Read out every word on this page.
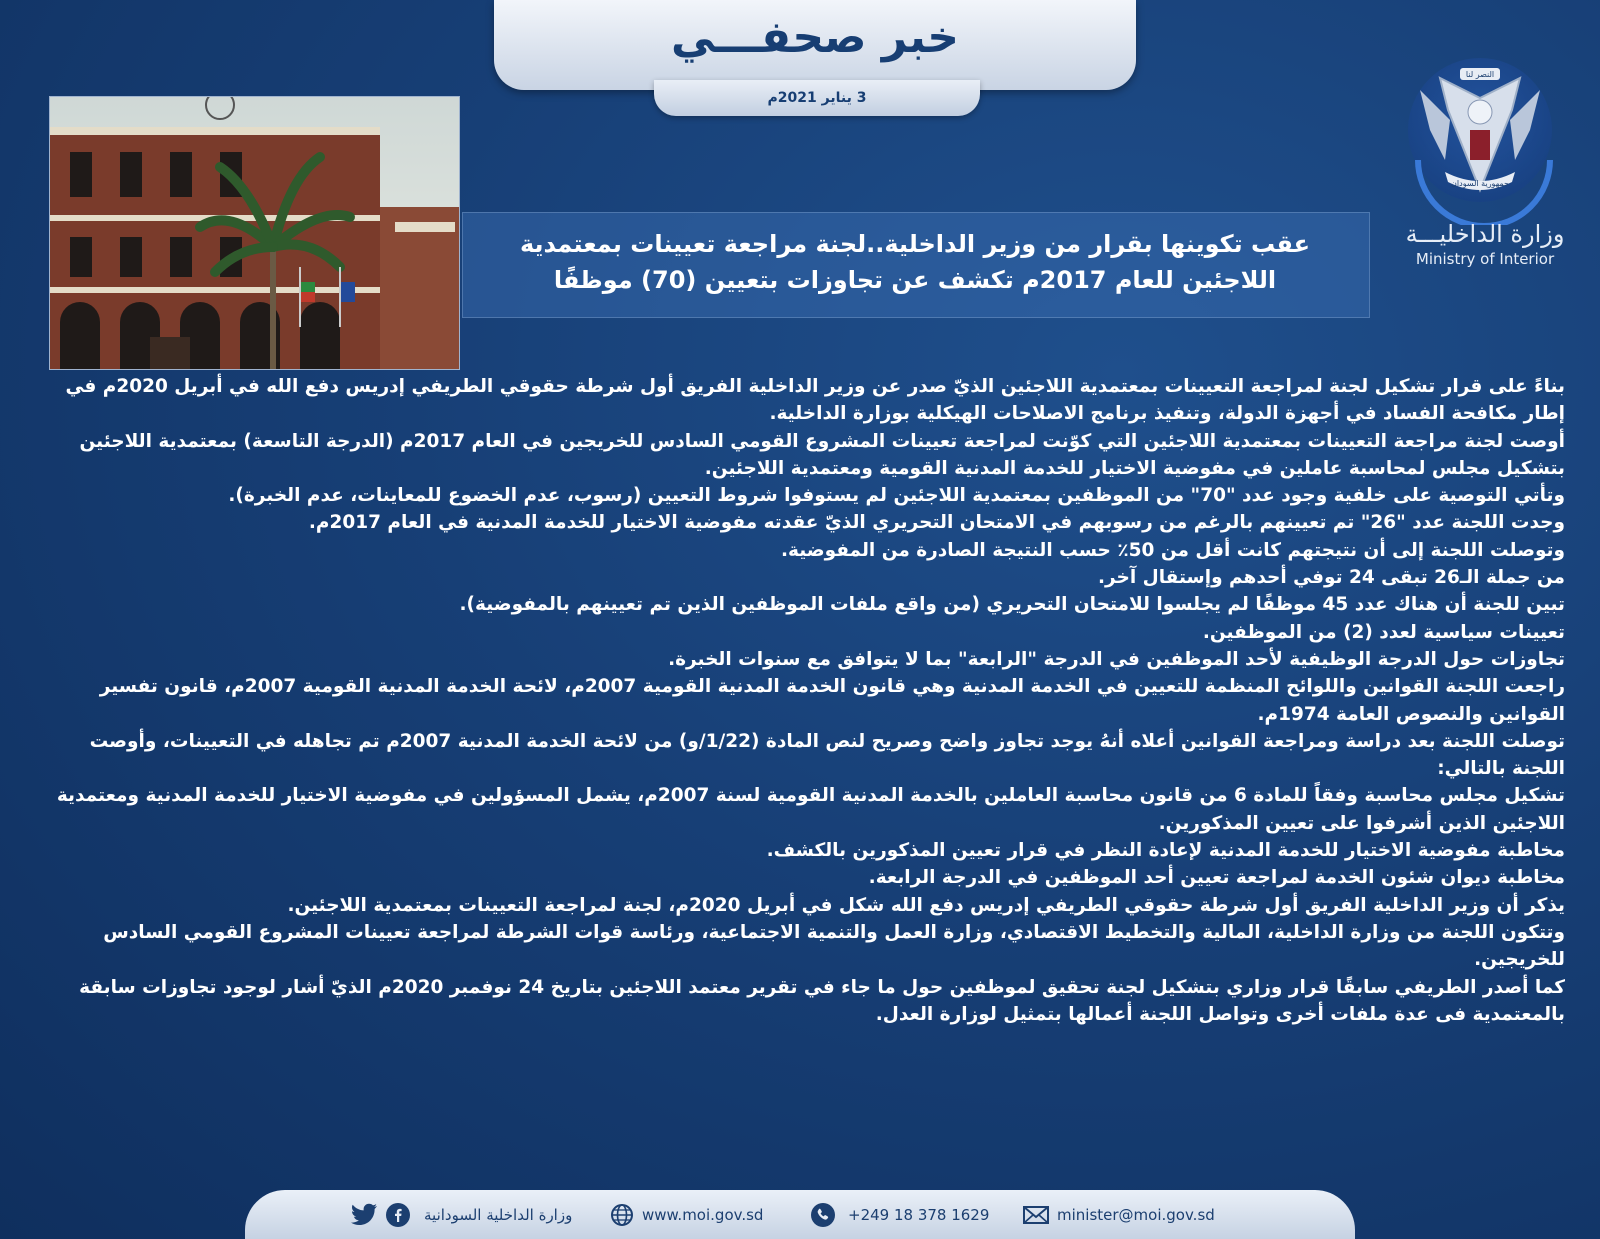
خبر صحفـــي
3 يناير 2021م
النصر لنا
جمهورية السودان
وزارة الداخليـــة
Ministry of Interior
عقب تكوينها بقرار من وزير الداخلية..لجنة مراجعة تعيينات بمعتمدية
اللاجئين للعام 2017م تكشف عن تجاوزات بتعيين (70) موظفًا

بناءً على قرار تشكيل لجنة لمراجعة التعيينات بمعتمدية اللاجئين الذيّ صدر عن وزير الداخلية الفريق أول شرطة حقوقي الطريفي إدريس دفع الله في أبريل 2020م في إطار مكافحة الفساد في أجهزة الدولة، وتنفيذ برنامج الاصلاحات الهيكلية بوزارة الداخلية.

أوصت لجنة مراجعة التعيينات بمعتمدية اللاجئين التي كوّنت لمراجعة تعيينات المشروع القومي السادس للخريجين في العام 2017م (الدرجة التاسعة) بمعتمدية اللاجئين بتشكيل مجلس لمحاسبة عاملين في مفوضية الاختيار للخدمة المدنية القومية ومعتمدية اللاجئين.

وتأتي التوصية على خلفية وجود عدد "70" من الموظفين بمعتمدية اللاجئين لم يستوفوا شروط التعيين (رسوب، عدم الخضوع للمعاينات، عدم الخبرة).

وجدت اللجنة عدد "26" تم تعيينهم بالرغم من رسوبهم في الامتحان التحريري الذيّ عقدته مفوضية الاختيار للخدمة المدنية في العام 2017م.

وتوصلت اللجنة إلى أن نتيجتهم كانت أقل من 50٪ حسب النتيجة الصادرة من المفوضية.

من جملة الـ26 تبقى 24 توفي أحدهم وإستقال آخر.

تبين للجنة أن هناك عدد 45 موظفًا لم يجلسوا للامتحان التحريري (من واقع ملفات الموظفين الذين تم تعيينهم بالمفوضية).

تعيينات سياسية لعدد (2) من الموظفين.

تجاوزات حول الدرجة الوظيفية لأحد الموظفين في الدرجة "الرابعة" بما لا يتوافق مع سنوات الخبرة.

راجعت اللجنة القوانين واللوائح المنظمة للتعيين في الخدمة المدنية وهي قانون الخدمة المدنية القومية 2007م، لائحة الخدمة المدنية القومية 2007م، قانون تفسير القوانين والنصوص العامة 1974م.

توصلت اللجنة بعد دراسة ومراجعة القوانين أعلاه أنهُ يوجد تجاوز واضح وصريح لنص المادة (1/22/و) من لائحة الخدمة المدنية 2007م تم تجاهله في التعيينات، وأوصت اللجنة بالتالي:

تشكيل مجلس محاسبة وفقاً للمادة 6 من قانون محاسبة العاملين بالخدمة المدنية القومية لسنة 2007م، يشمل المسؤولين في مفوضية الاختيار للخدمة المدنية ومعتمدية اللاجئين الذين أشرفوا على تعيين المذكورين.

مخاطبة مفوضية الاختيار للخدمة المدنية لإعادة النظر في قرار تعيين المذكورين بالكشف.

مخاطبة ديوان شئون الخدمة لمراجعة تعيين أحد الموظفين في الدرجة الرابعة.

يذكر أن وزير الداخلية الفريق أول شرطة حقوقي الطريفي إدريس دفع الله شكل في أبريل 2020م، لجنة لمراجعة التعيينات بمعتمدية اللاجئين.

وتتكون اللجنة من وزارة الداخلية، المالية والتخطيط الاقتصادي، وزارة العمل والتنمية الاجتماعية، ورئاسة قوات الشرطة لمراجعة تعيينات المشروع القومي السادس للخريجين.

كما أصدر الطريفي سابقًا قرار وزاري بتشكيل لجنة تحقيق لموظفين حول ما جاء في تقرير معتمد اللاجئين بتاريخ 24 نوفمبر 2020م الذيّ أشار لوجود تجاوزات سابقة بالمعتمدية فى عدة ملفات أخرى وتواصل اللجنة أعمالها بتمثيل لوزارة العدل.

وزارة الداخلية السودانية	www.moi.gov.sd	+249 18 378 1629	minister@moi.gov.sd
